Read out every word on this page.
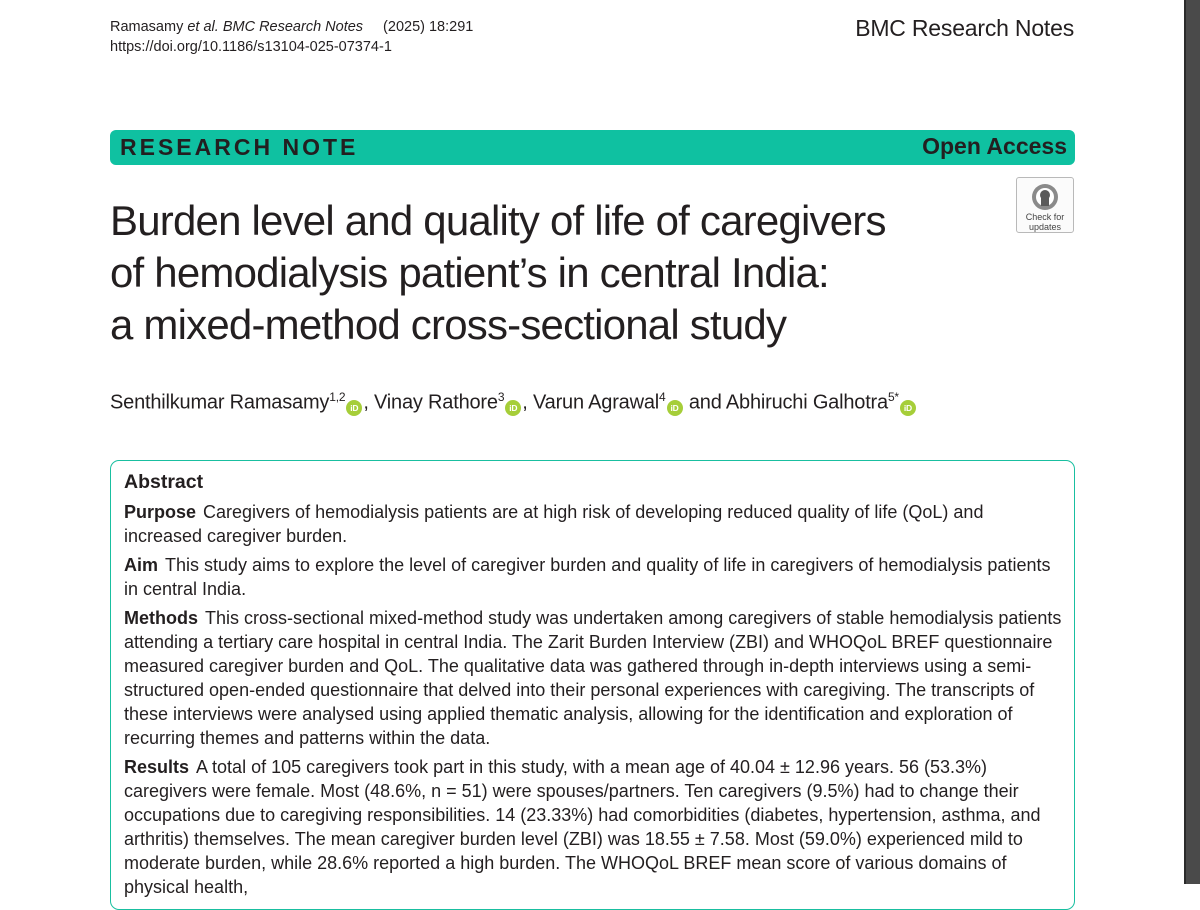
Ramasamy et al. BMC Research Notes (2025) 18:291
https://doi.org/10.1186/s13104-025-07374-1
BMC Research Notes
RESEARCH NOTE	Open Access
Check for
updates
Burden level and quality of life of caregivers
of hemodialysis patient’s in central India:
a mixed-method cross-sectional study
Senthilkumar Ramasamy$^{1,2}$iD , Vinay Rathore$^3$iD , Varun Agrawal$^4$iD and Abhiruchi Galhotra$^{5*}$iD
Abstract

Purpose Caregivers of hemodialysis patients are at high risk of developing reduced quality of life (QoL) and increased caregiver burden.

Aim This study aims to explore the level of caregiver burden and quality of life in caregivers of hemodialysis patients in central India.

Methods This cross-sectional mixed-method study was undertaken among caregivers of stable hemodialysis patients attending a tertiary care hospital in central India. The Zarit Burden Interview (ZBI) and WHOQoL BREF questionnaire measured caregiver burden and QoL. The qualitative data was gathered through in-depth interviews using a semi-structured open-ended questionnaire that delved into their personal experiences with caregiving. The transcripts of these interviews were analysed using applied thematic analysis, allowing for the identification and exploration of recurring themes and patterns within the data.

Results A total of 105 caregivers took part in this study, with a mean age of 40.04 ± 12.96 years. 56 (53.3%) caregivers were female. Most (48.6%, n = 51) were spouses/partners. Ten caregivers (9.5%) had to change their occupations due to caregiving responsibilities. 14 (23.33%) had comorbidities (diabetes, hypertension, asthma, and arthritis) themselves. The mean caregiver burden level (ZBI) was 18.55 ± 7.58. Most (59.0%) experienced mild to moderate burden, while 28.6% reported a high burden. The WHOQoL BREF mean score of various domains of physical health,
